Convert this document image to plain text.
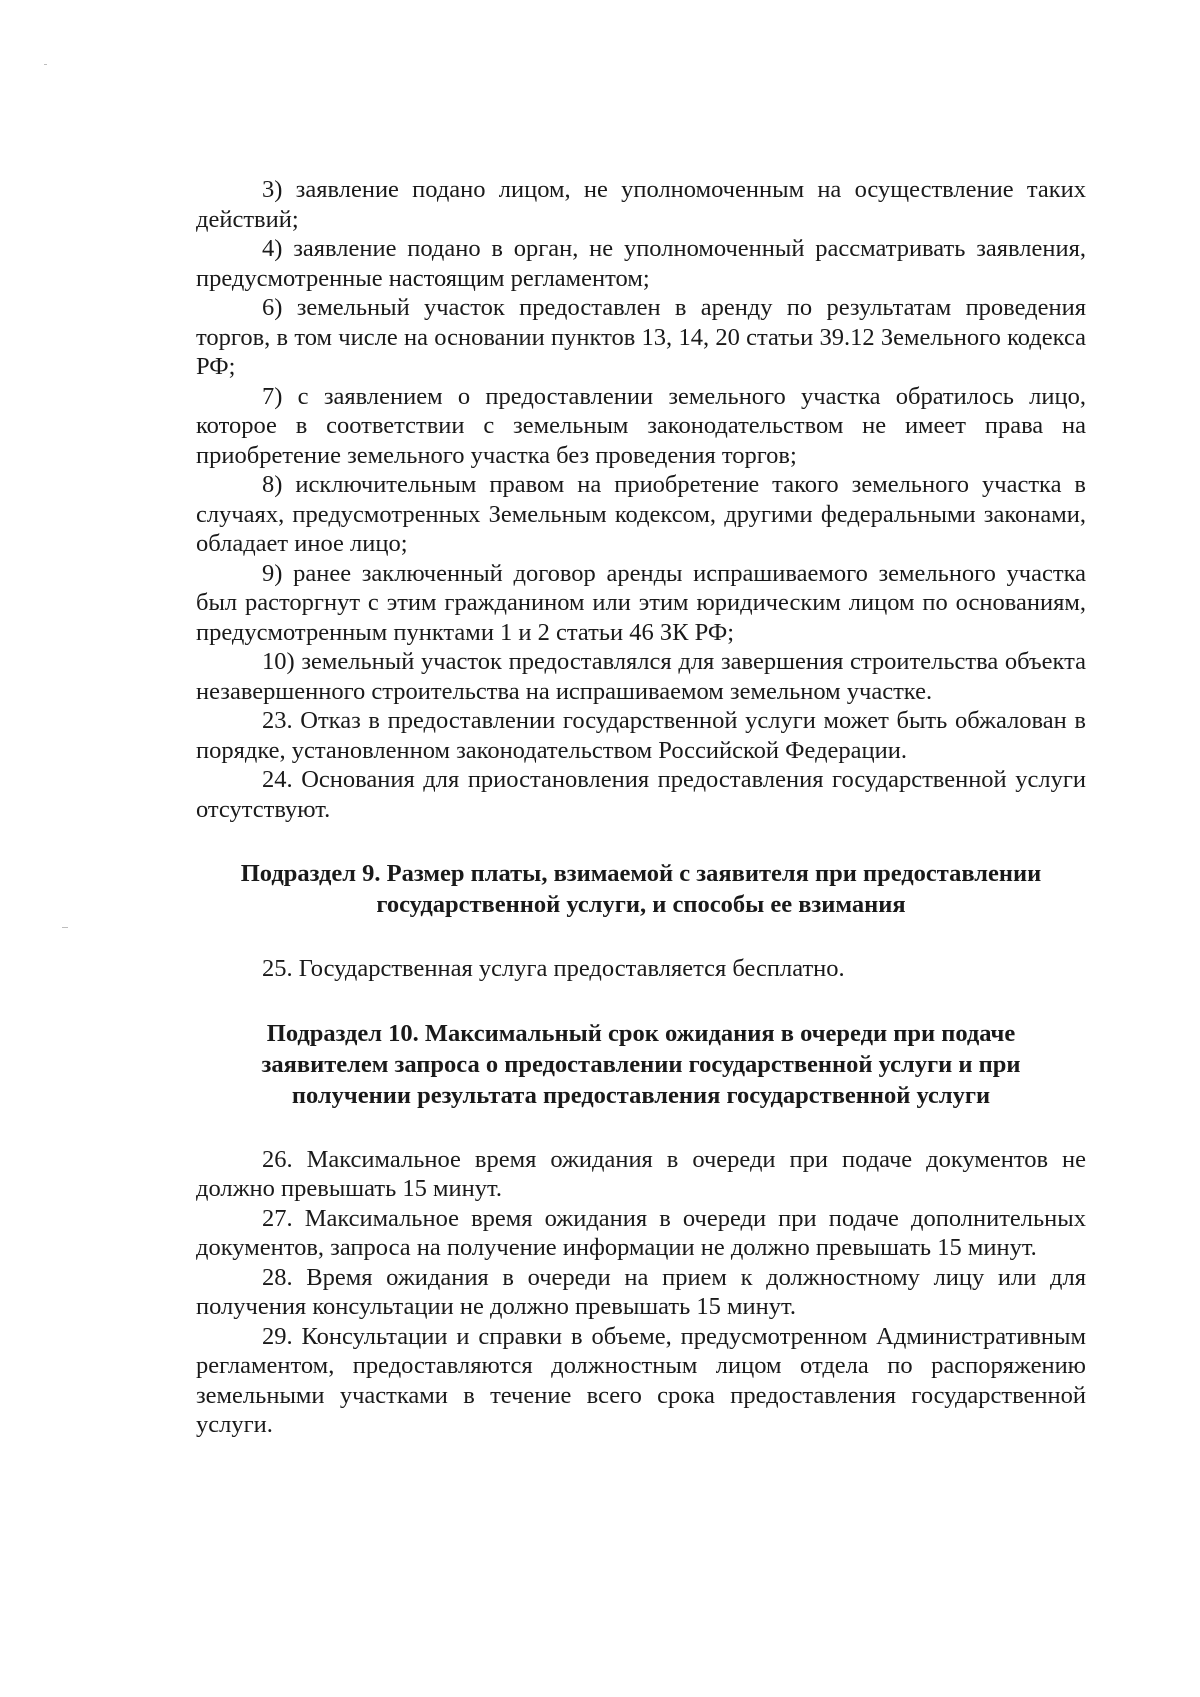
3) заявление подано лицом, не уполномоченным на осуществление таких действий;

4) заявление подано в орган, не уполномоченный рассматривать заявления, предусмотренные настоящим регламентом;

6) земельный участок предоставлен в аренду по результатам проведения торгов, в том числе на основании пунктов 13, 14, 20 статьи 39.12 Земельного кодекса РФ;

7) с заявлением о предоставлении земельного участка обратилось лицо, которое в соответствии с земельным законодательством не имеет права на приобретение земельного участка без проведения торгов;

8) исключительным правом на приобретение такого земельного участка в случаях, предусмотренных Земельным кодексом, другими федеральными законами, обладает иное лицо;

9) ранее заключенный договор аренды испрашиваемого земельного участка был расторгнут с этим гражданином или этим юридическим лицом по основаниям, предусмотренным пунктами 1 и 2 статьи 46 ЗК РФ;

10) земельный участок предоставлялся для завершения строительства объекта незавершенного строительства на испрашиваемом земельном участке.

23. Отказ в предоставлении государственной услуги может быть обжалован в порядке, установленном законодательством Российской Федерации.

24. Основания для приостановления предоставления государственной услуги отсутствуют.

Подраздел 9. Размер платы, взимаемой с заявителя при предоставлении
государственной услуги, и способы ее взимания

25. Государственная услуга предоставляется бесплатно.

Подраздел 10. Максимальный срок ожидания в очереди при подаче
заявителем запроса о предоставлении государственной услуги и при
получении результата предоставления государственной услуги

26. Максимальное время ожидания в очереди при подаче документов не должно превышать 15 минут.

27. Максимальное время ожидания в очереди при подаче дополнительных документов, запроса на получение информации не должно превышать 15 минут.

28. Время ожидания в очереди на прием к должностному лицу или для получения консультации не должно превышать 15 минут.

29. Консультации и справки в объеме, предусмотренном Административным регламентом, предоставляются должностным лицом отдела по распоряжению земельными участками в течение всего срока предоставления государственной услуги.
